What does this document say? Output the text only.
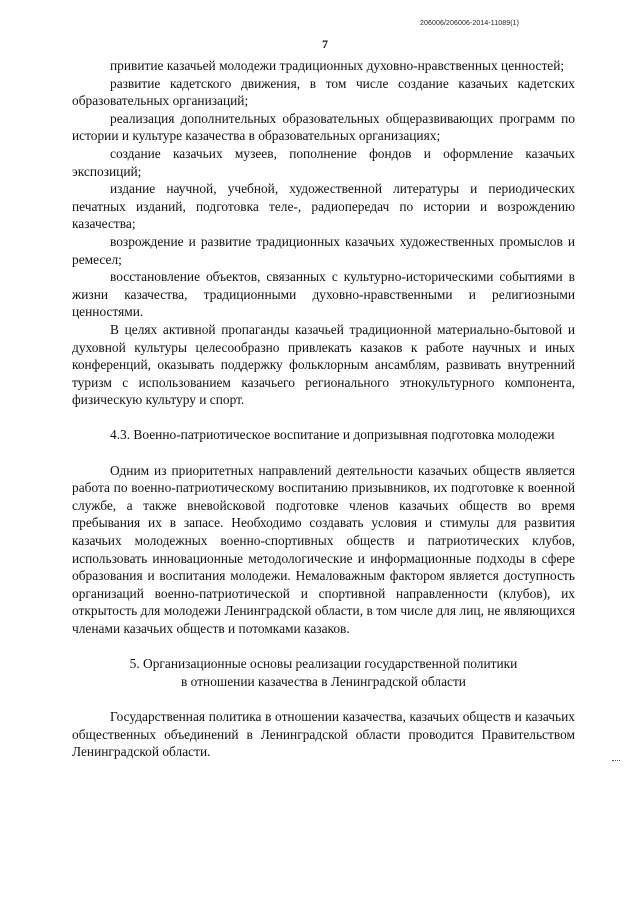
206006/206006-2014-11089(1)
7

привитие казачьей молодежи традиционных духовно-нравственных ценностей;

развитие кадетского движения, в том числе создание казачьих кадетских образовательных организаций;

реализация дополнительных образовательных общеразвивающих программ по истории и культуре казачества в образовательных организациях;

создание казачьих музеев, пополнение фондов и оформление казачьих экспозиций;

издание научной, учебной, художественной литературы и периодических печатных изданий, подготовка теле-, радиопередач по истории и возрождению казачества;

возрождение и развитие традиционных казачьих художественных промыслов и ремесел;

восстановление объектов, связанных с культурно-историческими событиями в жизни казачества, традиционными духовно-нравственными и религиозными ценностями.

В целях активной пропаганды казачьей традиционной материально-бытовой и духовной культуры целесообразно привлекать казаков к работе научных и иных конференций, оказывать поддержку фольклорным ансамблям, развивать внутренний туризм с использованием казачьего регионального этнокультурного компонента, физическую культуру и спорт.

4.3. Военно-патриотическое воспитание и допризывная подготовка молодежи

Одним из приоритетных направлений деятельности казачьих обществ является работа по военно-патриотическому воспитанию призывников, их подготовке к военной службе, а также вневойсковой подготовке членов казачьих обществ во время пребывания их в запасе. Необходимо создавать условия и стимулы для развития казачьих молодежных военно-спортивных обществ и патриотических клубов, использовать инновационные методологические и информационные подходы в сфере образования и воспитания молодежи. Немаловажным фактором является доступность организаций военно-патриотической и спортивной направленности (клубов), их открытость для молодежи Ленинградской области, в том числе для лиц, не являющихся членами казачьих обществ и потомками казаков.

5. Организационные основы реализации государственной политики
в отношении казачества в Ленинградской области

Государственная политика в отношении казачества, казачьих обществ и казачьих общественных объединений в Ленинградской области проводится Правительством Ленинградской области.
